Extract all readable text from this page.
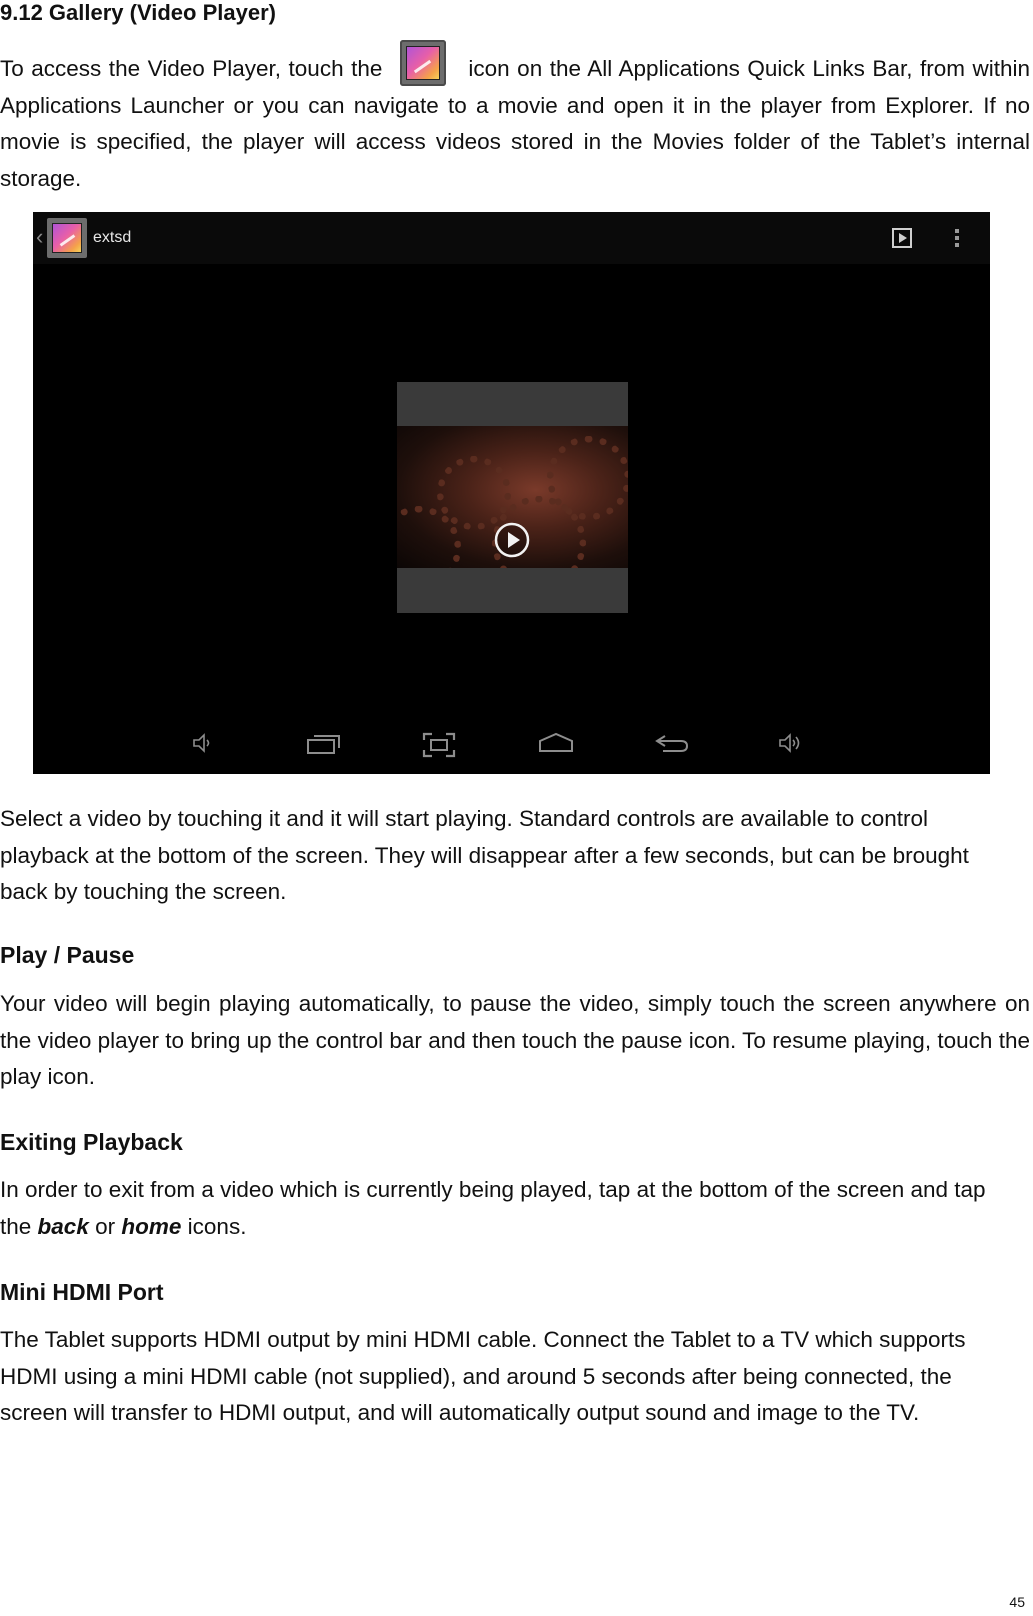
9.12 Gallery (Video Player)

To access the Video Player, touch the	icon on the All Applications Quick Links Bar, from within Applications Launcher or you can navigate to a movie and open it in the player from Explorer. If no movie is specified, the player will access videos stored in the Movies folder of the Tablet’s internal storage.

‹	extsd

Select a video by touching it and it will start playing. Standard controls are available to control playback at the bottom of the screen. They will disappear after a few seconds, but can be brought back by touching the screen.

Play / Pause

Your video will begin playing automatically, to pause the video, simply touch the screen anywhere on the video player to bring up the control bar and then touch the pause icon. To resume playing, touch the play icon.

Exiting Playback

In order to exit from a video which is currently being played, tap at the bottom of the screen and tap the back or home icons.

Mini HDMI Port

The Tablet supports HDMI output by mini HDMI cable. Connect the Tablet to a TV which supports HDMI using a mini HDMI cable (not supplied), and around 5 seconds after being connected, the screen will transfer to HDMI output, and will automatically output sound and image to the TV.

45
